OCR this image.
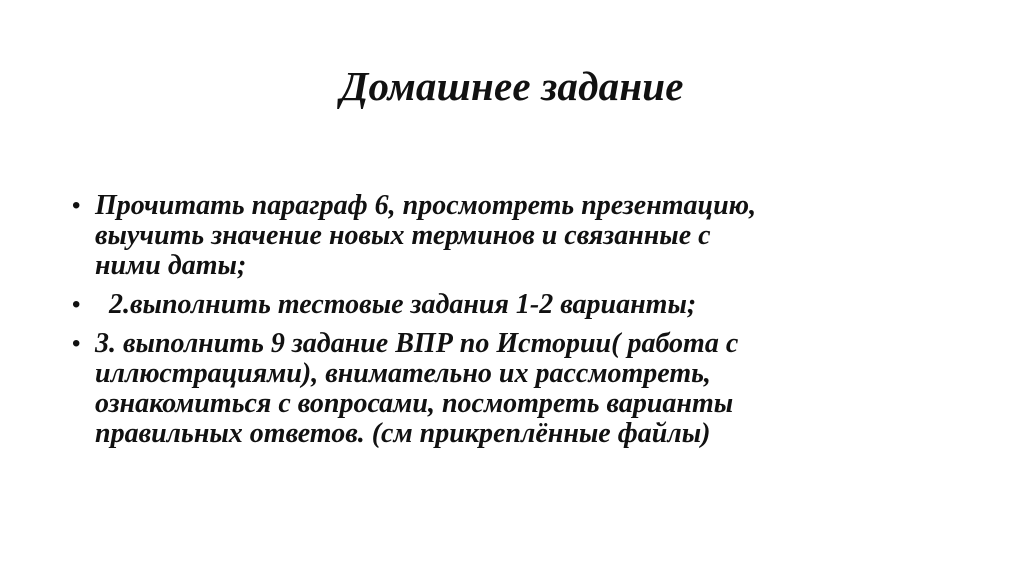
Домашнее задание
• Прочитать параграф 6, просмотреть презентацию,
выучить значение новых терминов и связанные с
ними даты;
• 2.выполнить тестовые задания 1-2 варианты;
• 3. выполнить 9 задание ВПР по Истории( работа с
иллюстрациями), внимательно их рассмотреть,
ознакомиться с вопросами, посмотреть варианты
правильных ответов. (см прикреплённые файлы)
